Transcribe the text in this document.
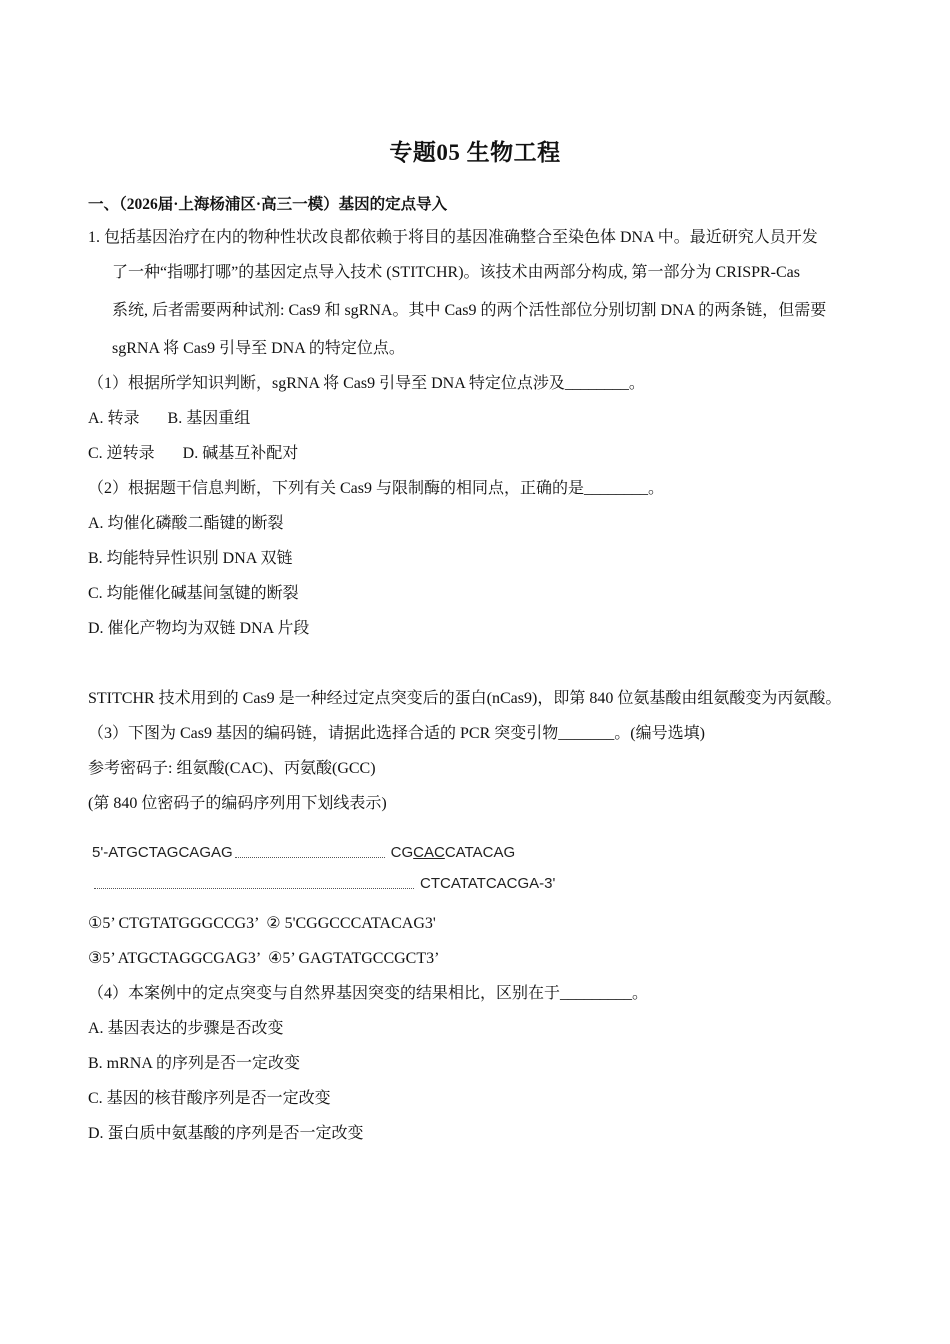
专题05 生物工程
一、（2026届·上海杨浦区·高三一模）基因的定点导入
1. 包括基因治疗在内的物种性状改良都依赖于将目的基因准确整合至染色体 DNA 中。最近研究人员开发
了一种“指哪打哪”的基因定点导入技术 (STITCHR)。该技术由两部分构成, 第一部分为 CRISPR-Cas
系统, 后者需要两种试剂: Cas9 和 sgRNA。其中 Cas9 的两个活性部位分别切割 DNA 的两条链，但需要
sgRNA 将 Cas9 引导至 DNA 的特定位点。
（1）根据所学知识判断，sgRNA 将 Cas9 引导至 DNA 特定位点涉及________。
A. 转录       B. 基因重组
C. 逆转录       D. 碱基互补配对
（2）根据题干信息判断，下列有关 Cas9 与限制酶的相同点，正确的是________。
A. 均催化磷酸二酯键的断裂
B. 均能特异性识别 DNA 双链
C. 均能催化碱基间氢键的断裂
D. 催化产物均为双链 DNA 片段
STITCHR 技术用到的 Cas9 是一种经过定点突变后的蛋白(nCas9)，即第 840 位氨基酸由组氨酸变为丙氨酸。
（3）下图为 Cas9 基因的编码链，请据此选择合适的 PCR 突变引物_______。(编号选填)
参考密码子: 组氨酸(CAC)、丙氨酸(GCC)
(第 840 位密码子的编码序列用下划线表示)
5'-ATGCTAGCAGAG	CGCACCATACAG
CTCATATCACGA-3'
①5’ CTGTATGGGCCG3’  ② 5'CGGCCCATACAG3'
③5’ ATGCTAGGCGAG3’  ④5’ GAGTATGCCGCT3’
（4）本案例中的定点突变与自然界基因突变的结果相比，区别在于_________。
A. 基因表达的步骤是否改变
B. mRNA 的序列是否一定改变
C. 基因的核苷酸序列是否一定改变
D. 蛋白质中氨基酸的序列是否一定改变
